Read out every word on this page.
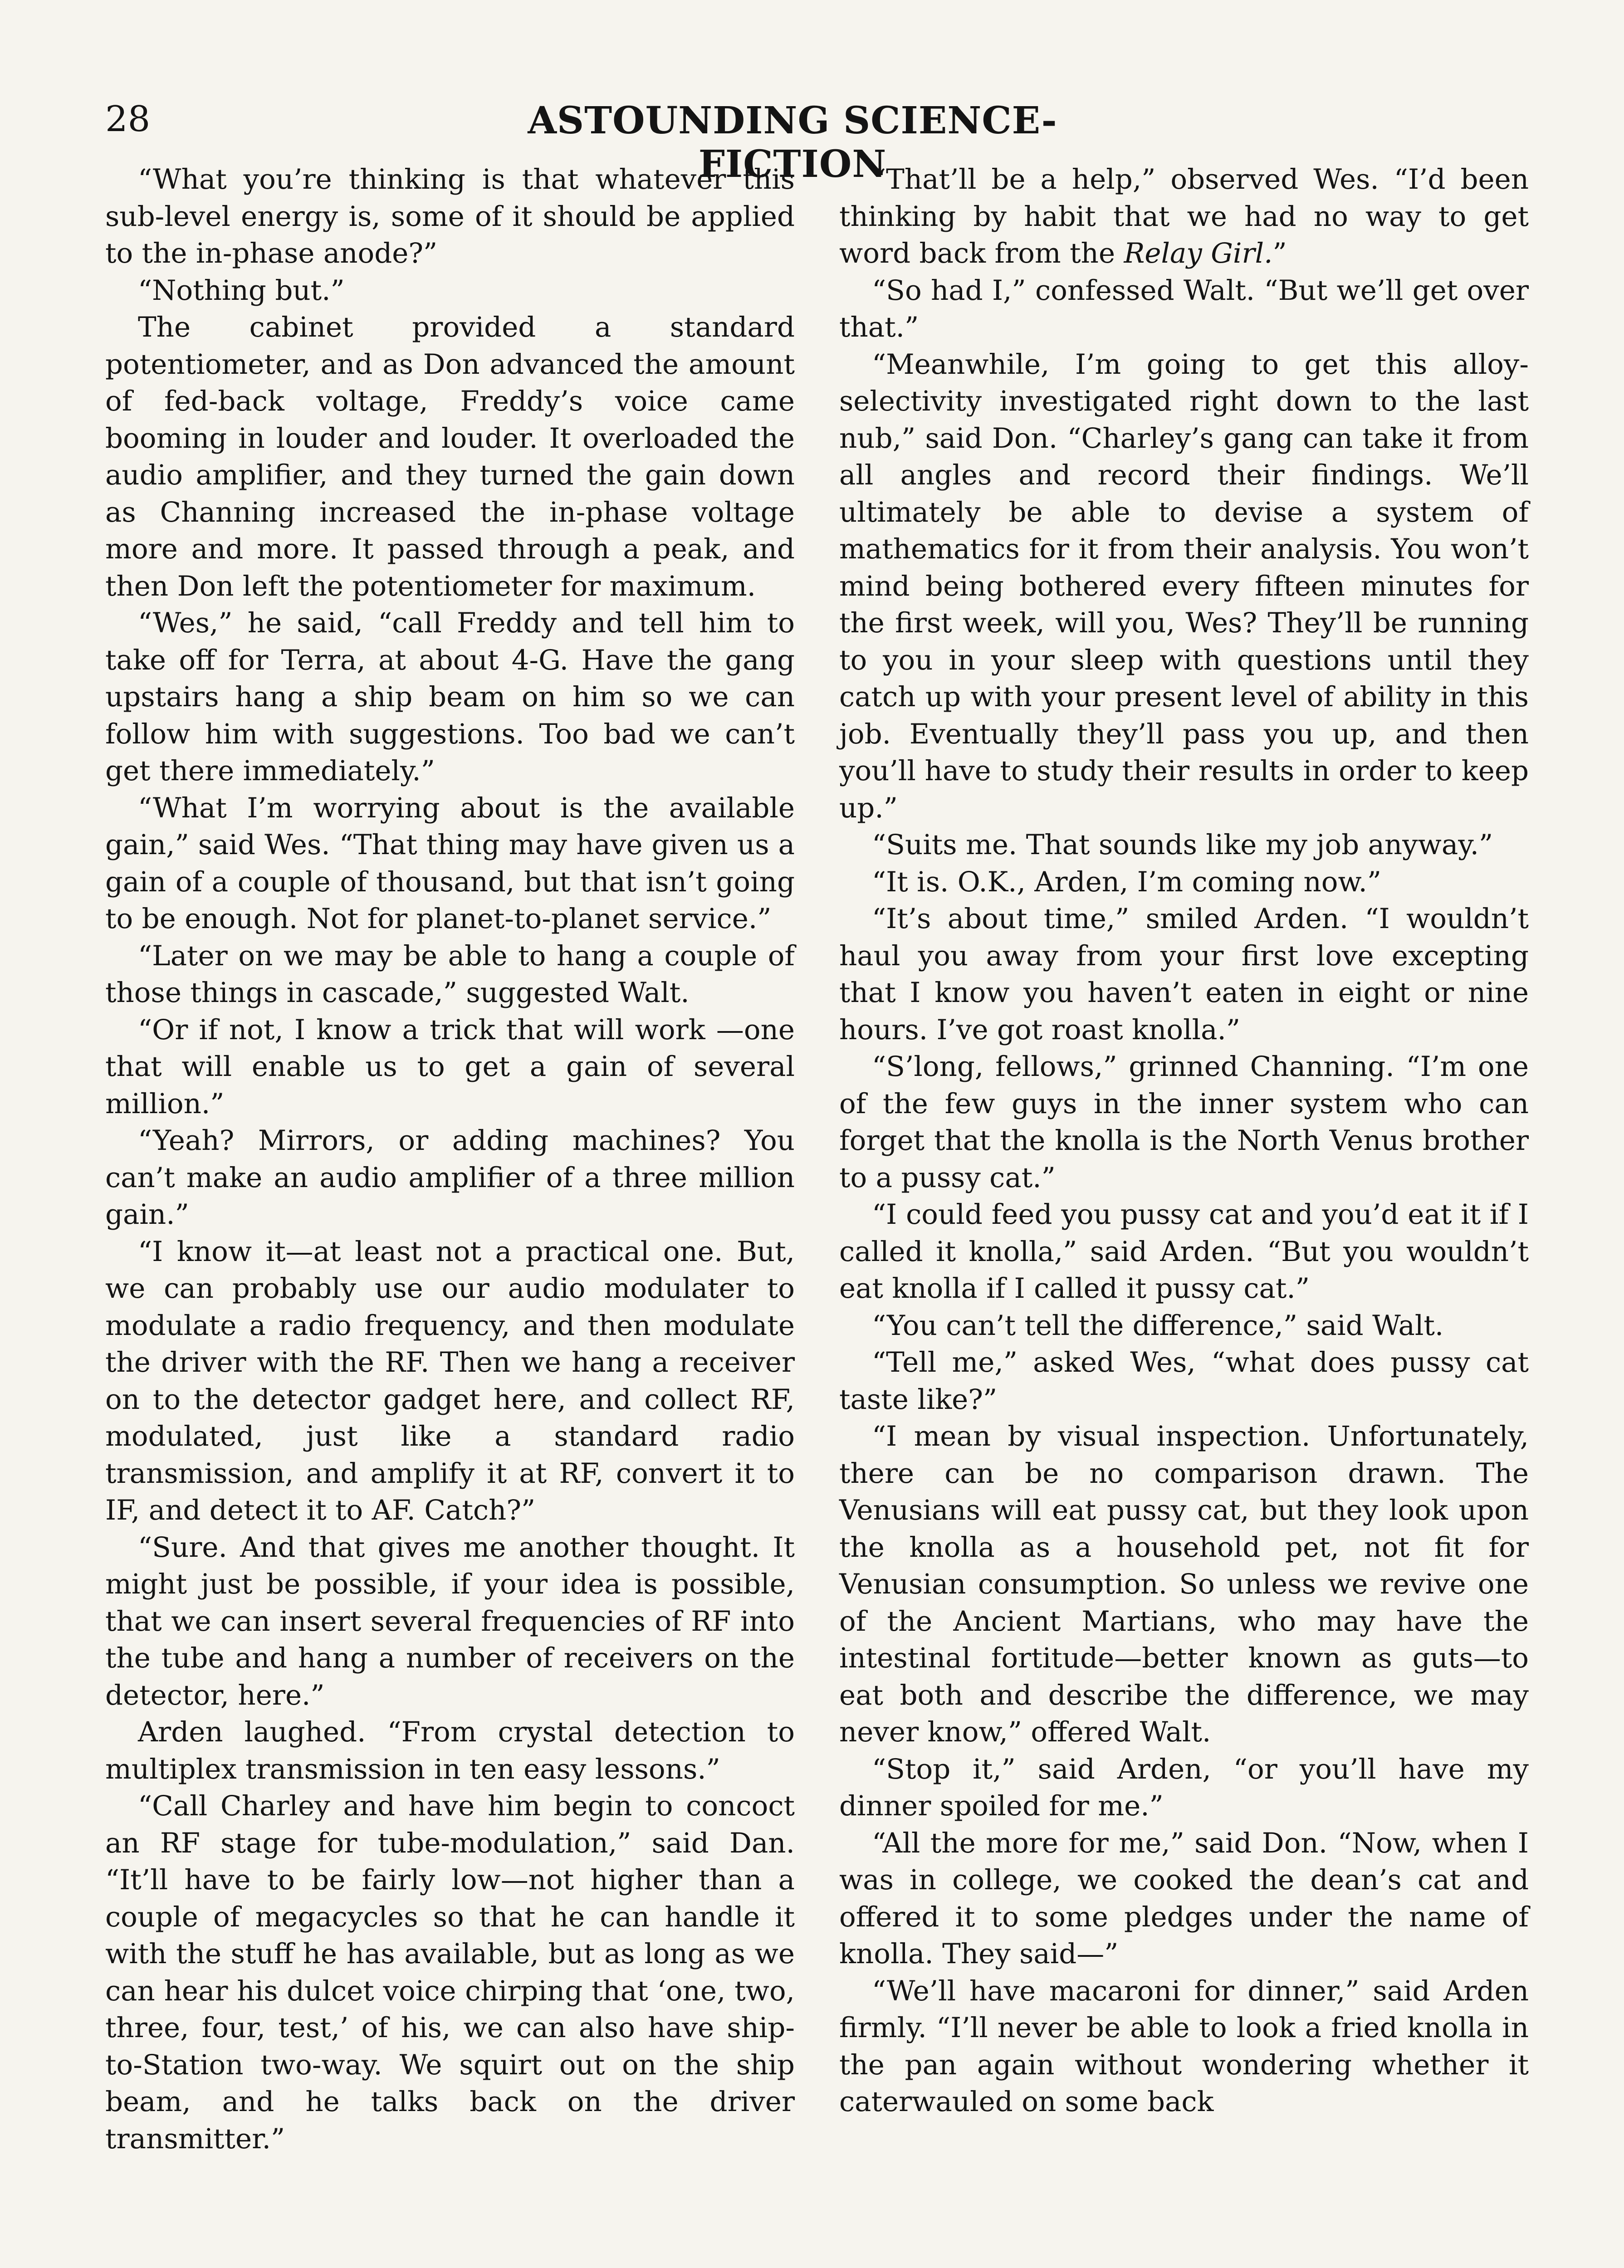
28	ASTOUNDING SCIENCE-FICTION

“What you’re thinking is that whatever this sub-level energy is, some of it should be applied to the in-phase anode?”

“Nothing but.”

The cabinet provided a standard potentiometer, and as Don advanced the amount of fed-back voltage, Freddy’s voice came booming in louder and louder. It overloaded the audio amplifier, and they turned the gain down as Channing increased the in-phase voltage more and more. It passed through a peak, and then Don left the potentiometer for maximum.

“Wes,” he said, “call Freddy and tell him to take off for Terra, at about 4-G. Have the gang upstairs hang a ship beam on him so we can follow him with suggestions. Too bad we can’t get there immediately.”

“What I’m worrying about is the available gain,” said Wes. “That thing may have given us a gain of a couple of thousand, but that isn’t going to be enough. Not for planet-to-planet service.”

“Later on we may be able to hang a couple of those things in cascade,” suggested Walt.

“Or if not, I know a trick that will work —one that will enable us to get a gain of several million.”

“Yeah? Mirrors, or adding machines? You can’t make an audio amplifier of a three million gain.”

“I know it—at least not a practical one. But, we can probably use our audio modulater to modulate a radio frequency, and then modulate the driver with the RF. Then we hang a receiver on to the detector gadget here, and collect RF, modulated, just like a standard radio transmission, and amplify it at RF, convert it to IF, and detect it to AF. Catch?”

“Sure. And that gives me another thought. It might just be possible, if your idea is possible, that we can insert several frequencies of RF into the tube and hang a number of receivers on the detector, here.”

Arden laughed. “From crystal detection to multiplex transmission in ten easy lessons.”

“Call Charley and have him begin to concoct an RF stage for tube-modulation,” said Dan. “It’ll have to be fairly low—not higher than a couple of megacycles so that he can handle it with the stuff he has available, but as long as we can hear his dulcet voice chirping that ‘one, two, three, four, test,’ of his, we can also have ship-to-Station two-way. We squirt out on the ship beam, and he talks back on the driver transmitter.”

“That’ll be a help,” observed Wes. “I’d been thinking by habit that we had no way to get word back from the Relay Girl.”

“So had I,” confessed Walt. “But we’ll get over that.”

“Meanwhile, I’m going to get this alloy-selectivity investigated right down to the last nub,” said Don. “Charley’s gang can take it from all angles and record their findings. We’ll ultimately be able to devise a system of mathematics for it from their analysis. You won’t mind being bothered every fifteen minutes for the first week, will you, Wes? They’ll be running to you in your sleep with questions until they catch up with your present level of ability in this job. Eventually they’ll pass you up, and then you’ll have to study their results in order to keep up.”

“Suits me. That sounds like my job anyway.”

“It is. O.K., Arden, I’m coming now.”

“It’s about time,” smiled Arden. “I wouldn’t haul you away from your first love excepting that I know you haven’t eaten in eight or nine hours. I’ve got roast knolla.”

“S’long, fellows,” grinned Channing. “I’m one of the few guys in the inner system who can forget that the knolla is the North Venus brother to a pussy cat.”

“I could feed you pussy cat and you’d eat it if I called it knolla,” said Arden. “But you wouldn’t eat knolla if I called it pussy cat.”

“You can’t tell the difference,” said Walt.

“Tell me,” asked Wes, “what does pussy cat taste like?”

“I mean by visual inspection. Unfortunately, there can be no comparison drawn. The Venusians will eat pussy cat, but they look upon the knolla as a household pet, not fit for Venusian consumption. So unless we revive one of the Ancient Martians, who may have the intestinal fortitude—better known as guts—to eat both and describe the difference, we may never know,” offered Walt.

“Stop it,” said Arden, “or you’ll have my dinner spoiled for me.”

“All the more for me,” said Don. “Now, when I was in college, we cooked the dean’s cat and offered it to some pledges under the name of knolla. They said—”

“We’ll have macaroni for dinner,” said Arden firmly. “I’ll never be able to look a fried knolla in the pan again without wondering whether it caterwauled on some back
